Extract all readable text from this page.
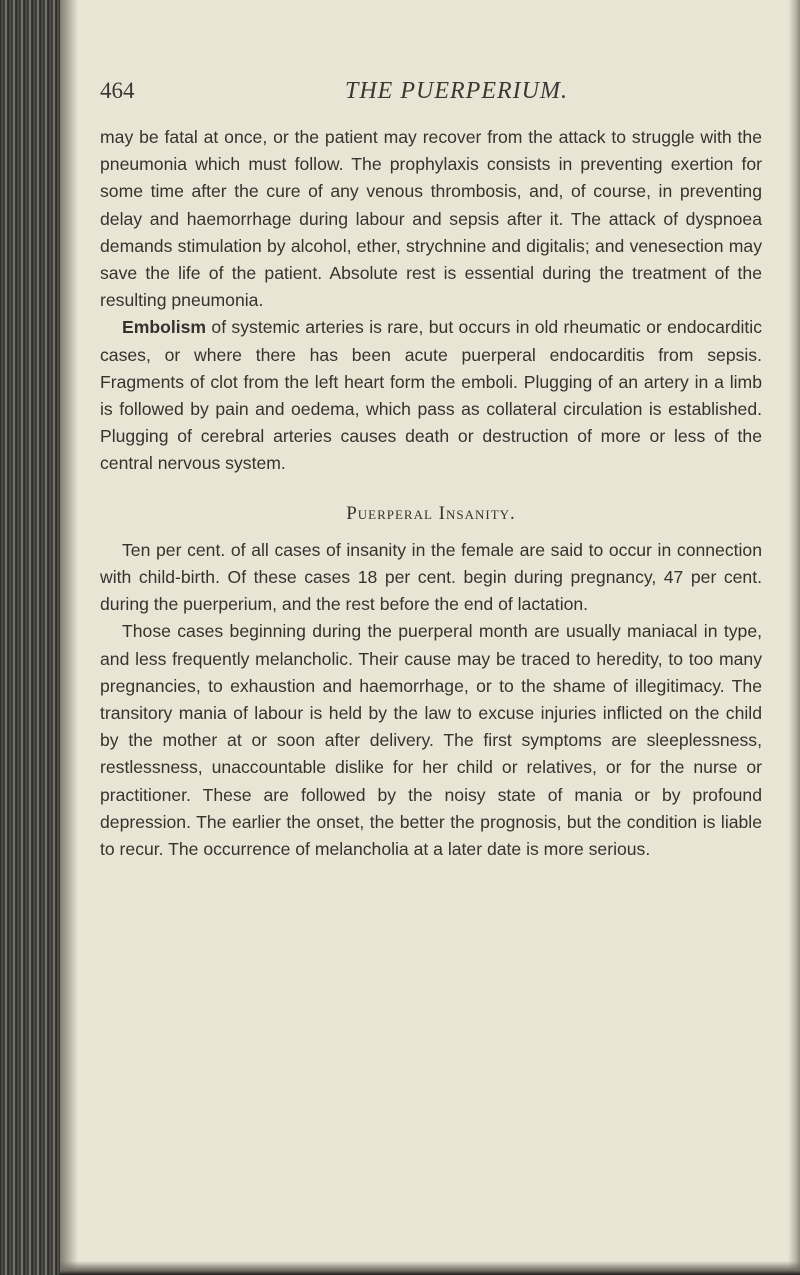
464	THE PUERPERIUM.

may be fatal at once, or the patient may recover from the attack to struggle with the pneumonia which must follow. The prophylaxis consists in preventing exertion for some time after the cure of any venous thrombosis, and, of course, in preventing delay and haemorrhage during labour and sepsis after it. The attack of dyspnoea demands stimulation by alcohol, ether, strychnine and digitalis; and venesection may save the life of the patient. Absolute rest is essential during the treatment of the resulting pneumonia.

Embolism of systemic arteries is rare, but occurs in old rheumatic or endocarditic cases, or where there has been acute puerperal endocarditis from sepsis. Fragments of clot from the left heart form the emboli. Plugging of an artery in a limb is followed by pain and oedema, which pass as collateral circulation is established. Plugging of cerebral arteries causes death or destruction of more or less of the central nervous system.

Puerperal Insanity.

Ten per cent. of all cases of insanity in the female are said to occur in connection with child-birth. Of these cases 18 per cent. begin during pregnancy, 47 per cent. during the puerperium, and the rest before the end of lactation.

Those cases beginning during the puerperal month are usually maniacal in type, and less frequently melancholic. Their cause may be traced to heredity, to too many pregnancies, to exhaustion and haemorrhage, or to the shame of illegitimacy. The transitory mania of labour is held by the law to excuse injuries inflicted on the child by the mother at or soon after delivery. The first symptoms are sleeplessness, restlessness, unaccountable dislike for her child or relatives, or for the nurse or practitioner. These are followed by the noisy state of mania or by profound depression. The earlier the onset, the better the prognosis, but the condition is liable to recur. The occurrence of melancholia at a later date is more serious.
